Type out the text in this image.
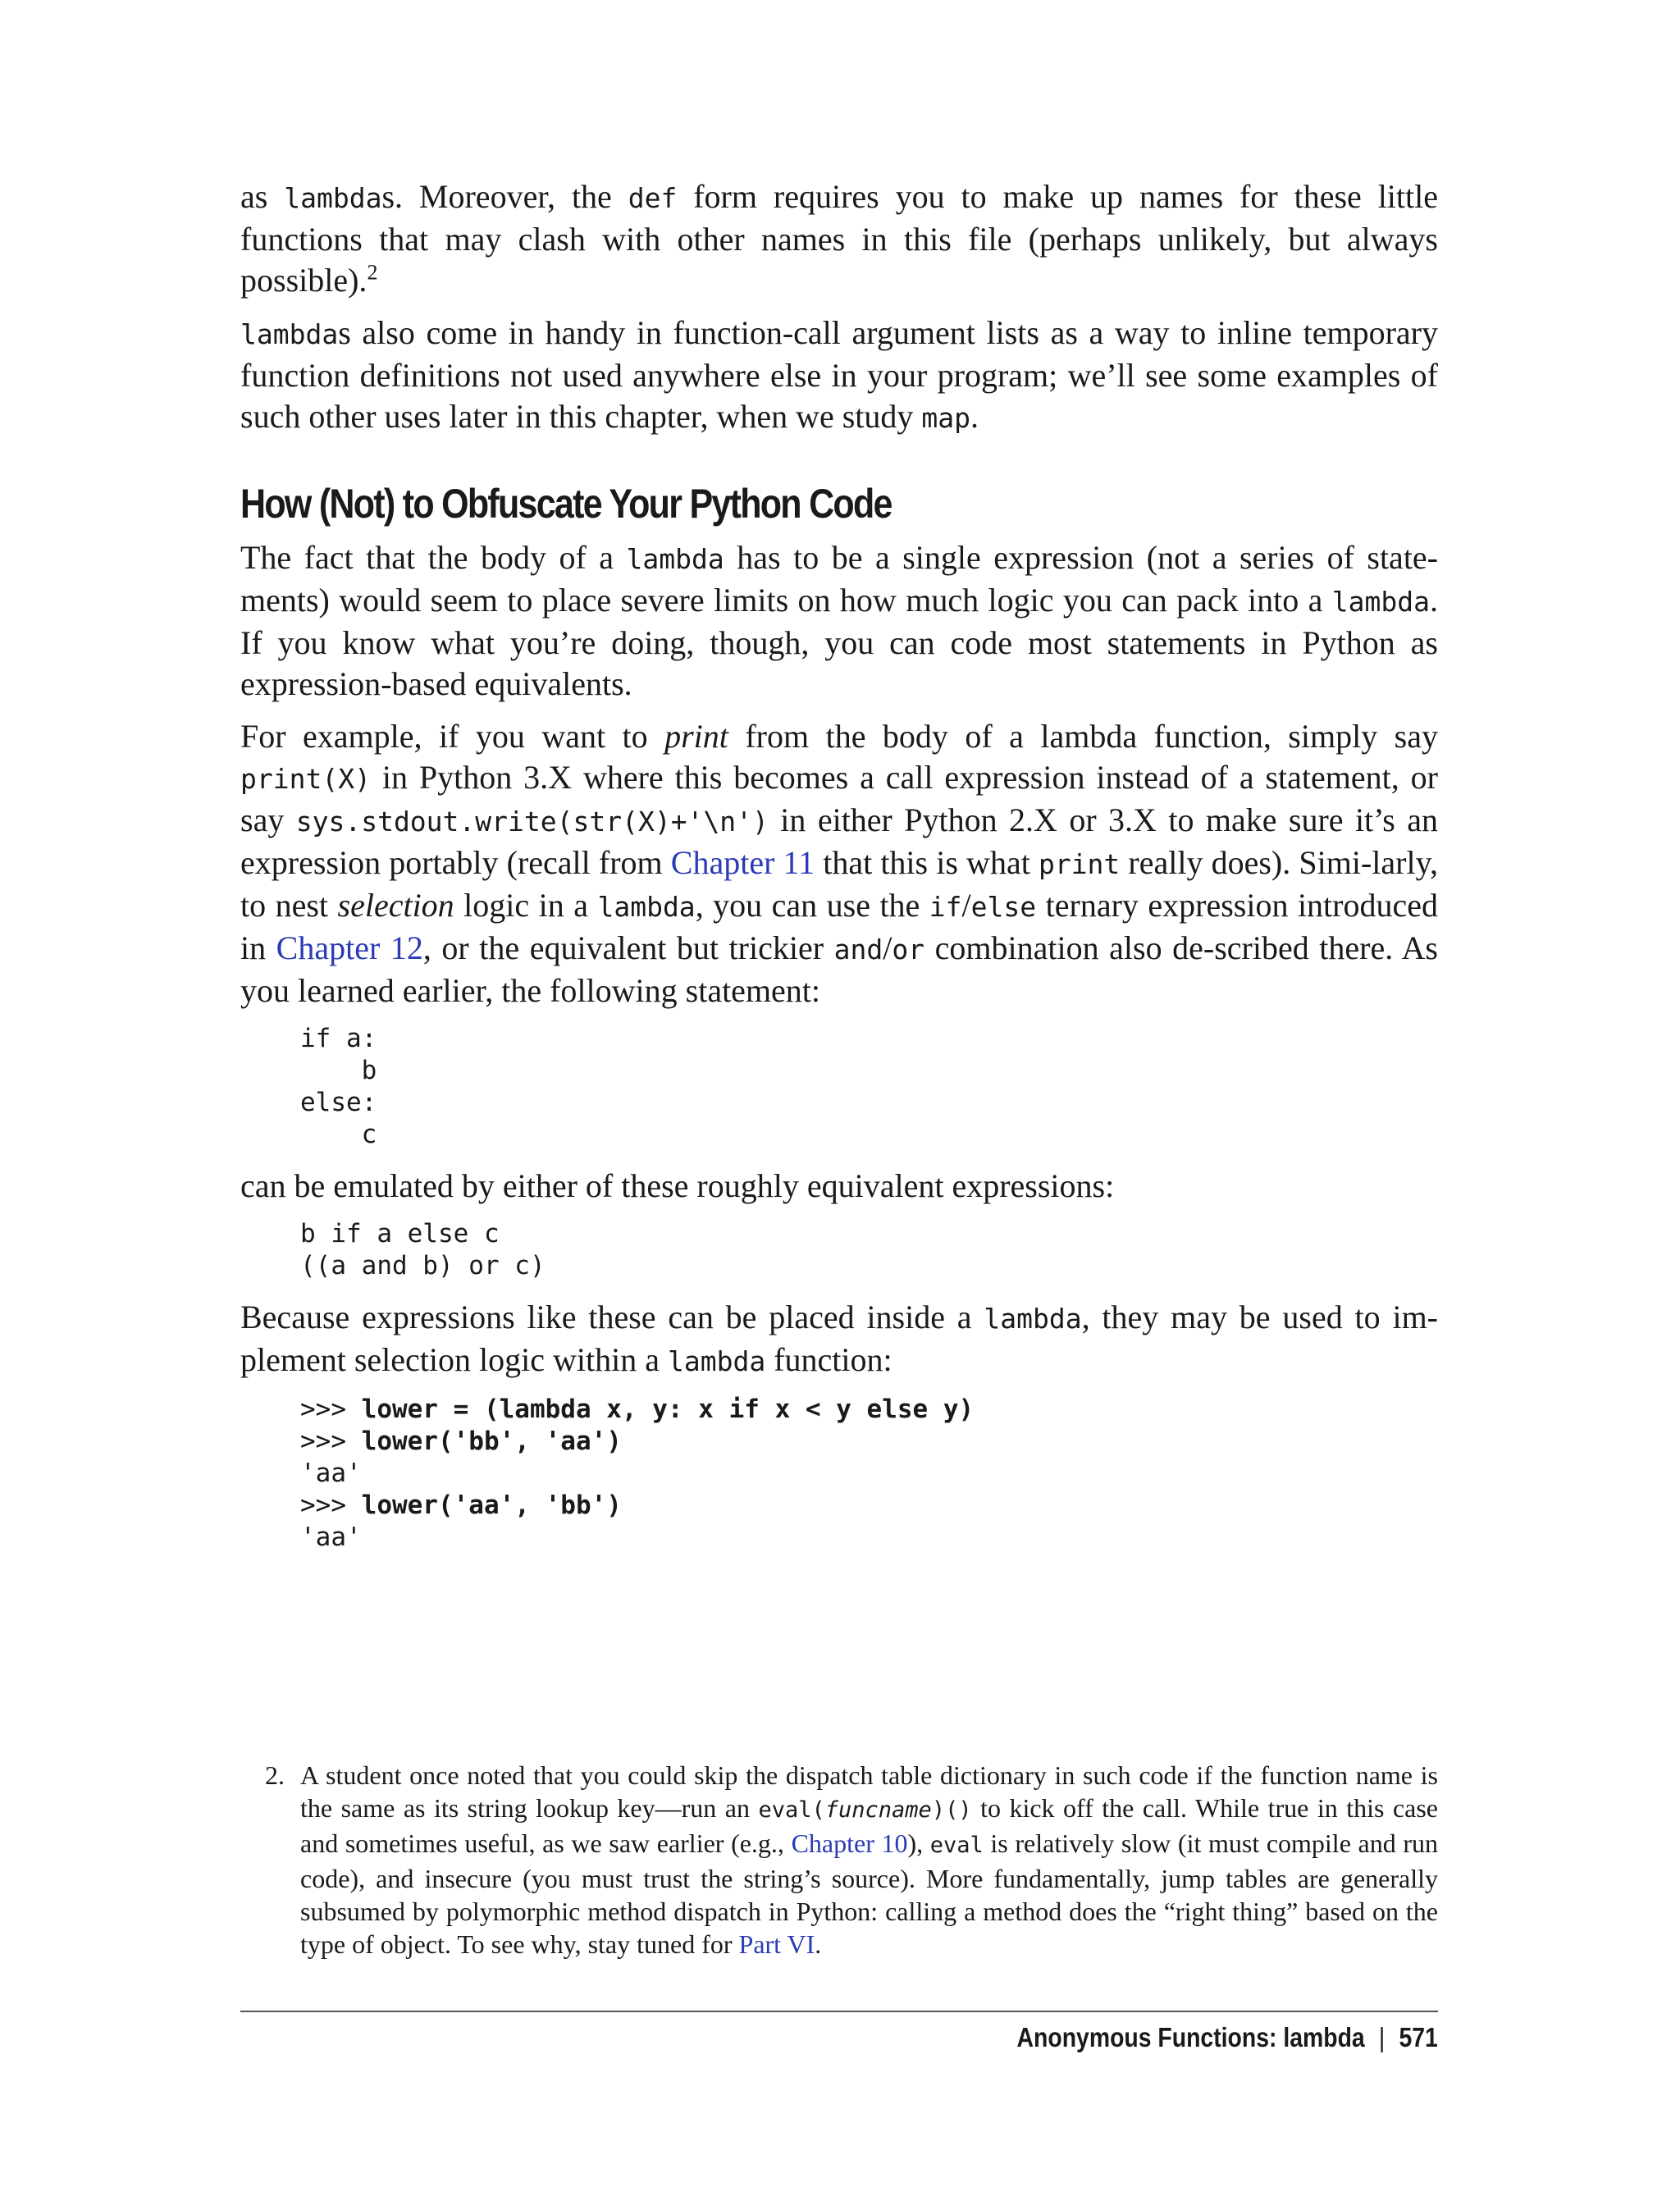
as lambdas. Moreover, the def form requires you to make up names for these little functions that may clash with other names in this file (perhaps unlikely, but always possible).$^2$

lambdas also come in handy in function-call argument lists as a way to inline temporary function definitions not used anywhere else in your program; we’ll see some examples of such other uses later in this chapter, when we study map.

How (Not) to Obfuscate Your Python Code

The fact that the body of a lambda has to be a single expression (not a series of state-ments) would seem to place severe limits on how much logic you can pack into a lambda. If you know what you’re doing, though, you can code most statements in Python as expression-based equivalents.

For example, if you want to print from the body of a lambda function, simply say print(X) in Python 3.X where this becomes a call expression instead of a statement, or say sys.stdout.write(str(X)+'\n') in either Python 2.X or 3.X to make sure it’s an expression portably (recall from Chapter 11 that this is what print really does). Simi-larly, to nest selection logic in a lambda, you can use the if/else ternary expression introduced in Chapter 12, or the equivalent but trickier and/or combination also de-scribed there. As you learned earlier, the following statement:

if a:
b
else:
c

can be emulated by either of these roughly equivalent expressions:

b if a else c
((a and b) or c)

Because expressions like these can be placed inside a lambda, they may be used to im-plement selection logic within a lambda function:

>>> lower = (lambda x, y: x if x < y else y)
>>> lower('bb', 'aa')
'aa'
>>> lower('aa', 'bb')
'aa'
2. A student once noted that you could skip the dispatch table dictionary in such code if the function name is the same as its string lookup key—run an eval(funcname)() to kick off the call. While true in this case and sometimes useful, as we saw earlier (e.g., Chapter 10), eval is relatively slow (it must compile and run code), and insecure (you must trust the string’s source). More fundamentally, jump tables are generally subsumed by polymorphic method dispatch in Python: calling a method does the “right thing” based on the type of object. To see why, stay tuned for Part VI.
Anonymous Functions: lambda | 571
